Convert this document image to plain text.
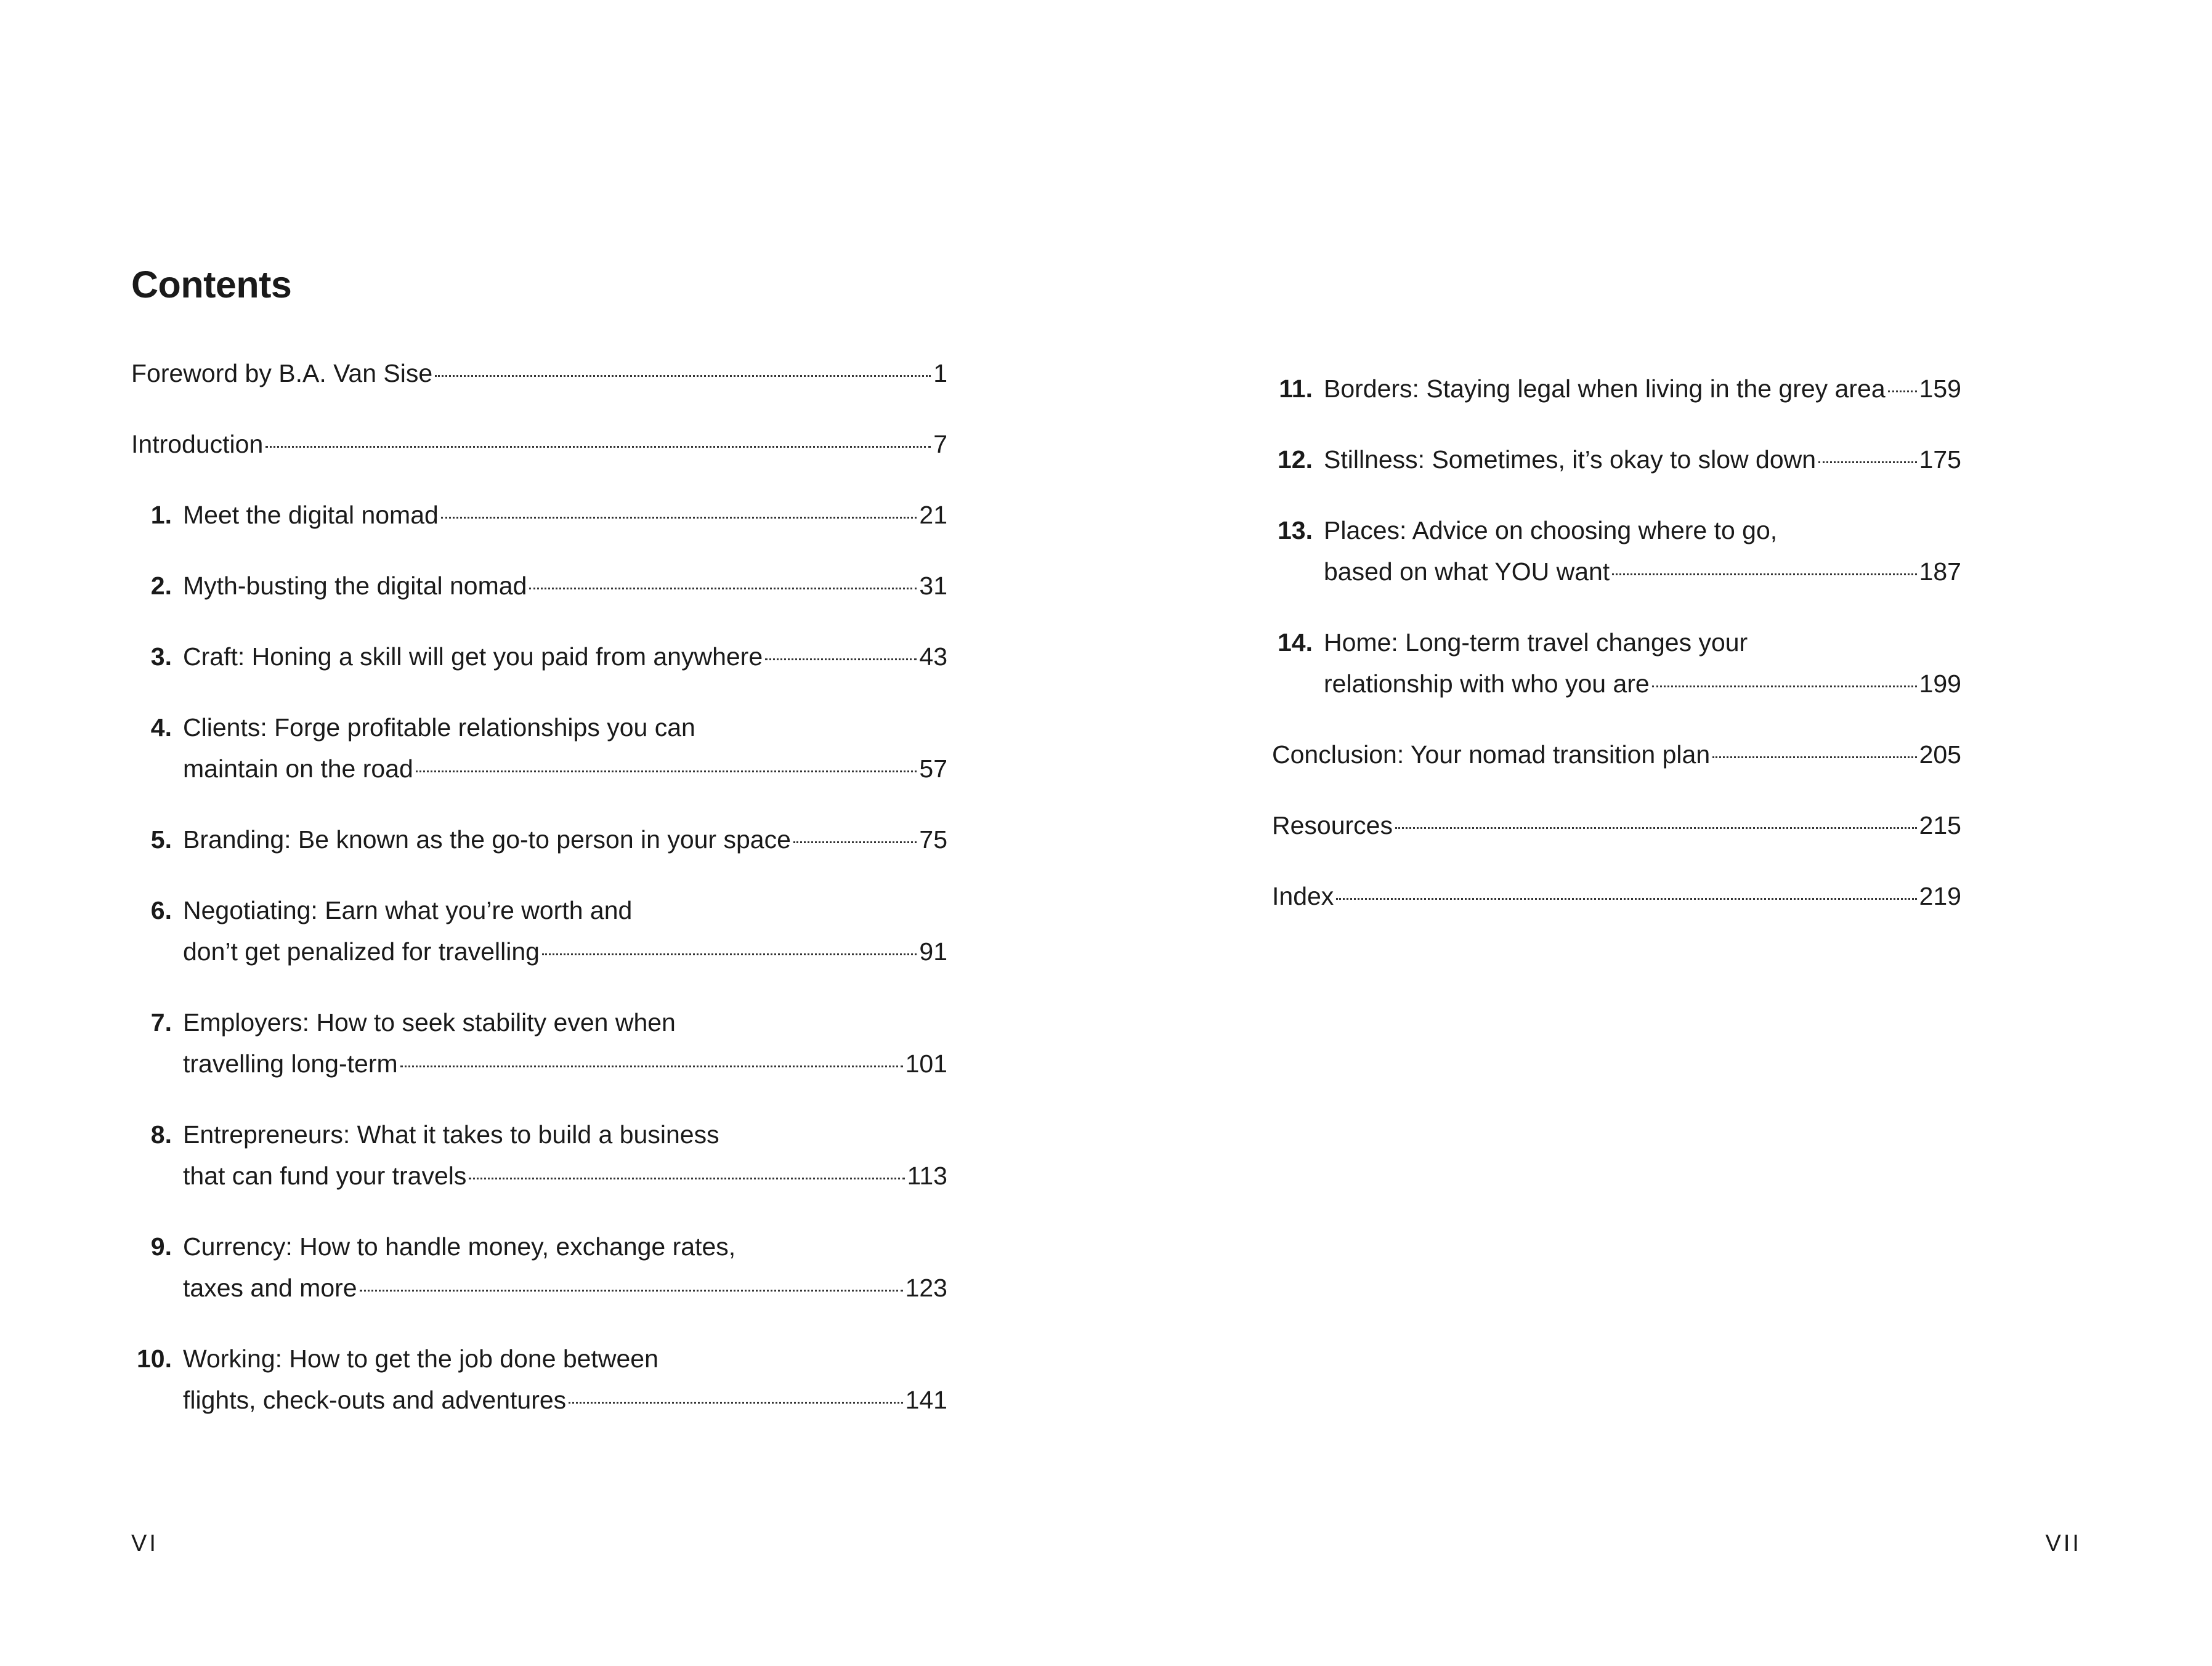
Contents
Foreword by B.A. Van Sise	1
Introduction	7
1. Meet the digital nomad	21
2. Myth-busting the digital nomad	31
3. Craft: Honing a skill will get you paid from anywhere	43
4. Clients: Forge profitable relationships you can
maintain on the road	57
5. Branding: Be known as the go-to person in your space	75
6. Negotiating: Earn what you’re worth and
don’t get penalized for travelling	91
7. Employers: How to seek stability even when
travelling long-term	101
8. Entrepreneurs: What it takes to build a business
that can fund your travels	113
9. Currency: How to handle money, exchange rates,
taxes and more	123
10. Working: How to get the job done between
flights, check-outs and adventures	141
VI
11. Borders: Staying legal when living in the grey area 159
12. Stillness: Sometimes, it’s okay to slow down	175
13. Places: Advice on choosing where to go,
based on what YOU want	187
14. Home: Long-term travel changes your
relationship with who you are	199
Conclusion: Your nomad transition plan	205
Resources	215
Index	219
VII
